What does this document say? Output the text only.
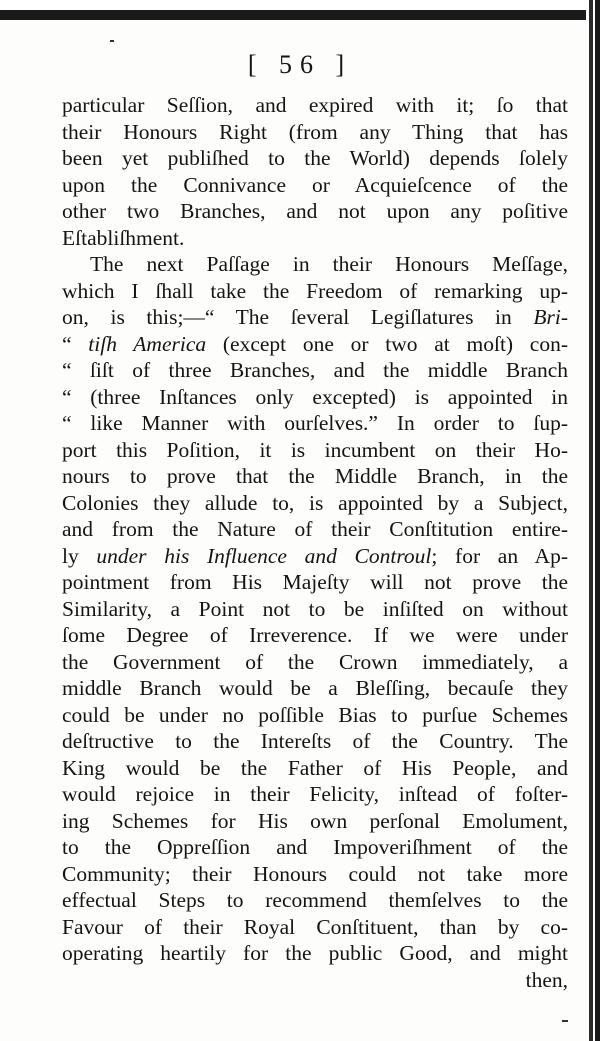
[ 56 ]
particular Seſſion, and expired with it; ſo that
their Honours Right (from any Thing that has
been yet publiſhed to the World) depends ſolely
upon the Connivance or Acquieſcence of the
other two Branches, and not upon any poſitive
Eſtabliſhment.
The next Paſſage in their Honours Meſſage,
which I ſhall take the Freedom of remarking up-
on, is this;—“ The ſeveral Legiſlatures in Bri-
“ tiſh America (except one or two at moſt) con-
“ ſiſt of three Branches, and the middle Branch
“ (three Inſtances only excepted) is appointed in
“ like Manner with ourſelves.” In order to ſup-
port this Poſition, it is incumbent on their Ho-
nours to prove that the Middle Branch, in the
Colonies they allude to, is appointed by a Subject,
and from the Nature of their Conſtitution entire-
ly under his Influence and Controul; for an Ap-
pointment from His Majeſty will not prove the
Similarity, a Point not to be inſiſted on without
ſome Degree of Irreverence. If we were under
the Government of the Crown immediately, a
middle Branch would be a Bleſſing, becauſe they
could be under no poſſible Bias to purſue Schemes
deſtructive to the Intereſts of the Country. The
King would be the Father of His People, and
would rejoice in their Felicity, inſtead of foſter-
ing Schemes for His own perſonal Emolument,
to the Oppreſſion and Impoveriſhment of the
Community; their Honours could not take more
effectual Steps to recommend themſelves to the
Favour of their Royal Conſtituent, than by co-
operating heartily for the public Good, and might
then,
